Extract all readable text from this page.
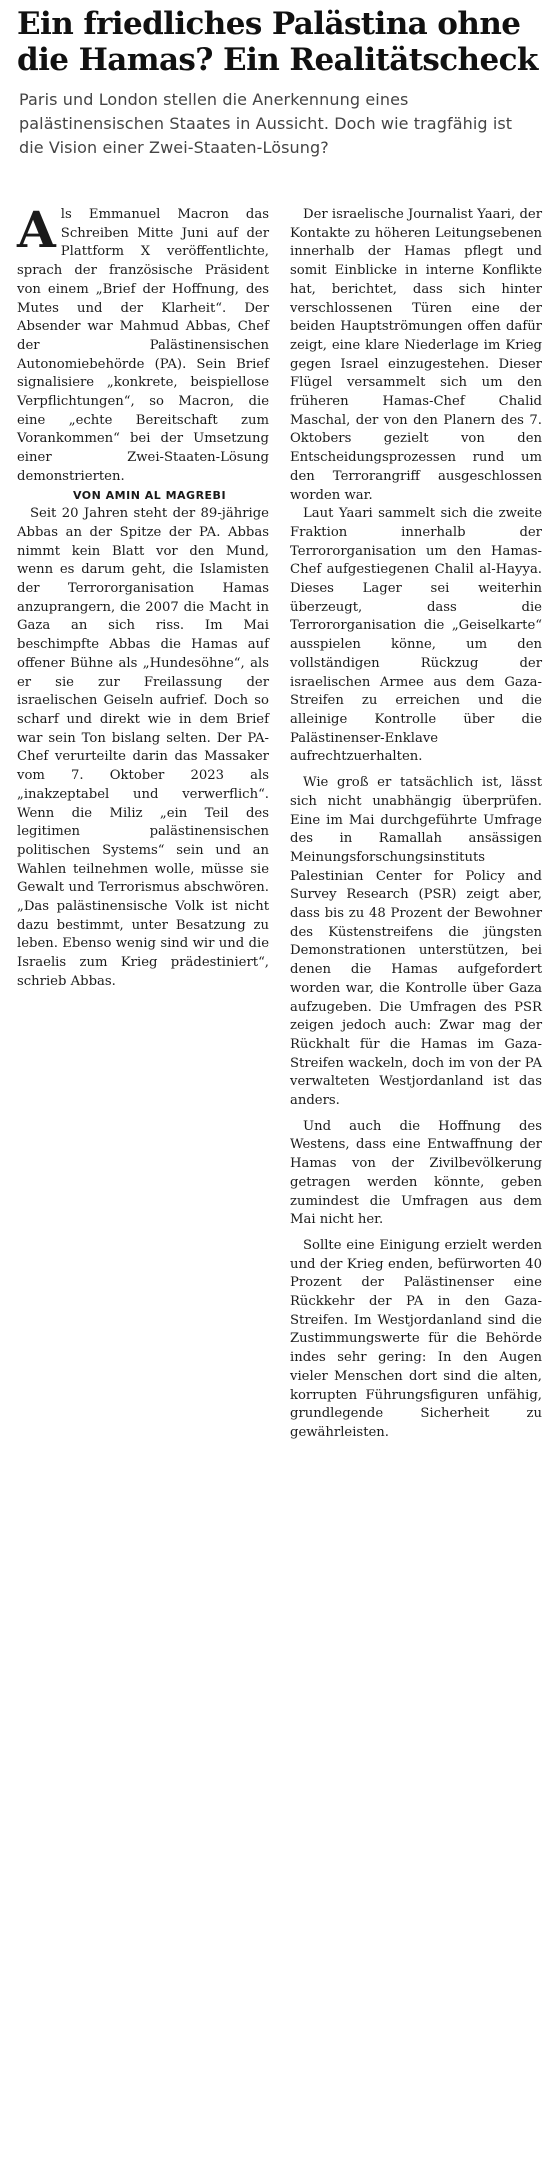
Ein friedliches Palästina ohne die Hamas? Ein Realitätscheck
Paris und London stellen die Anerkennung eines palästinensischen Staates in Aussicht. Doch wie tragfähig ist die Vision einer Zwei-Staaten-Lösung?

Als Emmanuel Macron das Schreiben Mitte Juni auf der Plattform X veröffentlichte, sprach der französische Präsident von einem „Brief der Hoffnung, des Mutes und der Klarheit“. Der Absender war Mahmud Abbas, Chef der Palästinensischen Autonomiebehörde (PA). Sein Brief signalisiere „konkrete, beispiellose Verpflichtungen“, so Macron, die eine „echte Bereitschaft zum Vorankommen“ bei der Umsetzung einer Zwei-Staaten-Lösung demonstrierten.

VON AMIN AL MAGREBI

Seit 20 Jahren steht der 89-jährige Abbas an der Spitze der PA. Abbas nimmt kein Blatt vor den Mund, wenn es darum geht, die Islamisten der Terrororganisation Hamas anzuprangern, die 2007 die Macht in Gaza an sich riss. Im Mai beschimpfte Abbas die Hamas auf offener Bühne als „Hundesöhne“, als er sie zur Freilassung der israelischen Geiseln aufrief. Doch so scharf und direkt wie in dem Brief war sein Ton bislang selten. Der PA-Chef verurteilte darin das Massaker vom 7. Oktober 2023 als „inakzeptabel und verwerflich“. Wenn die Miliz „ein Teil des legitimen palästinensischen politischen Systems“ sein und an Wahlen teilnehmen wolle, müsse sie Gewalt und Terrorismus abschwören. „Das palästinensische Volk ist nicht dazu bestimmt, unter Besatzung zu leben. Ebenso wenig sind wir und die Israelis zum Krieg prädestiniert“, schrieb Abbas.

Der israelische Journalist Yaari, der Kontakte zu höheren Leitungsebenen innerhalb der Hamas pflegt und somit Einblicke in interne Konflikte hat, berichtet, dass sich hinter verschlossenen Türen eine der beiden Hauptströmungen offen dafür zeigt, eine klare Niederlage im Krieg gegen Israel einzugestehen. Dieser Flügel versammelt sich um den früheren Hamas-Chef Chalid Maschal, der von den Planern des 7. Oktobers gezielt von den Entscheidungsprozessen rund um den Terrorangriff ausgeschlossen worden war.

Laut Yaari sammelt sich die zweite Fraktion innerhalb der Terrororganisation um den Hamas-Chef aufgestiegenen Chalil al-Hayya. Dieses Lager sei weiterhin überzeugt, dass die Terrororganisation die „Geiselkarte“ ausspielen könne, um den vollständigen Rückzug der israelischen Armee aus dem Gaza-Streifen zu erreichen und die alleinige Kontrolle über die Palästinenser-Enklave aufrechtzuerhalten.

Wie groß er tatsächlich ist, lässt sich nicht unabhängig überprüfen. Eine im Mai durchgeführte Umfrage des in Ramallah ansässigen Meinungsforschungsinstituts Palestinian Center for Policy and Survey Research (PSR) zeigt aber, dass bis zu 48 Prozent der Bewohner des Küstenstreifens die jüngsten Demonstrationen unterstützen, bei denen die Hamas aufgefordert worden war, die Kontrolle über Gaza aufzugeben. Die Umfragen des PSR zeigen jedoch auch: Zwar mag der Rückhalt für die Hamas im Gaza-Streifen wackeln, doch im von der PA verwalteten Westjordanland ist das anders.

Und auch die Hoffnung des Westens, dass eine Entwaffnung der Hamas von der Zivilbevölkerung getragen werden könnte, geben zumindest die Umfragen aus dem Mai nicht her.

Sollte eine Einigung erzielt werden und der Krieg enden, befürworten 40 Prozent der Palästinenser eine Rückkehr der PA in den Gaza-Streifen. Im Westjordanland sind die Zustimmungswerte für die Behörde indes sehr gering: In den Augen vieler Menschen dort sind die alten, korrupten Führungsfiguren unfähig, grundlegende Sicherheit zu gewährleisten.
